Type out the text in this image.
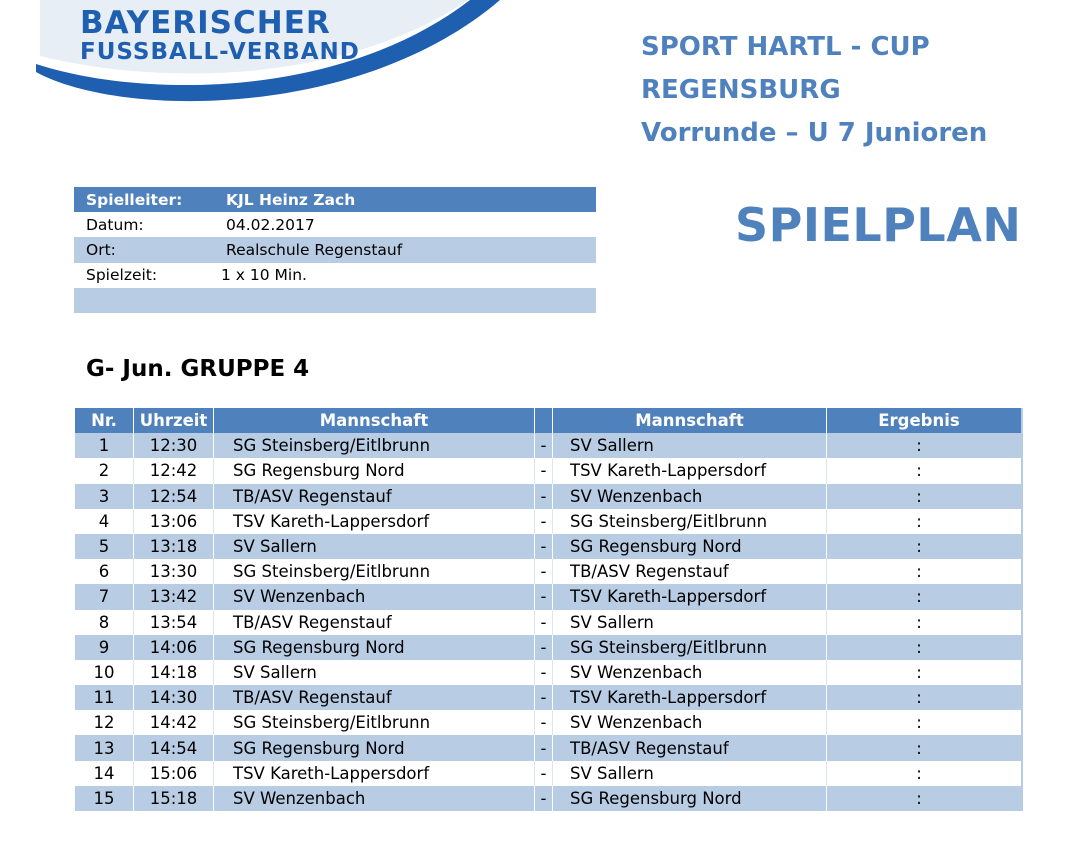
BAYERISCHER
FUSSBALL-VERBAND	SPORT HARTL - CUP
REGENSBURG
Vorrunde – U 7 Junioren
SPIELPLAN
Spielleiter:	KJL Heinz Zach
Datum:	04.02.2017
Ort:	Realschule Regenstauf
Spielzeit:	1 x 10 Min.
G- Jun. GRUPPE 4
Nr.	Uhrzeit	Mannschaft	Mannschaft	Ergebnis
1	12:30	SG Steinsberg/Eitlbrunn	-	SV Sallern	:
2	12:42	SG Regensburg Nord	-	TSV Kareth-Lappersdorf	:
3	12:54	TB/ASV Regenstauf	-	SV Wenzenbach	:
4	13:06	TSV Kareth-Lappersdorf	-	SG Steinsberg/Eitlbrunn	:
5	13:18	SV Sallern	-	SG Regensburg Nord	:
6	13:30	SG Steinsberg/Eitlbrunn	-	TB/ASV Regenstauf	:
7	13:42	SV Wenzenbach	-	TSV Kareth-Lappersdorf	:
8	13:54	TB/ASV Regenstauf	-	SV Sallern	:
9	14:06	SG Regensburg Nord	-	SG Steinsberg/Eitlbrunn	:
10	14:18	SV Sallern	-	SV Wenzenbach	:
11	14:30	TB/ASV Regenstauf	-	TSV Kareth-Lappersdorf	:
12	14:42	SG Steinsberg/Eitlbrunn	-	SV Wenzenbach	:
13	14:54	SG Regensburg Nord	-	TB/ASV Regenstauf	:
14	15:06	TSV Kareth-Lappersdorf	-	SV Sallern	:
15	15:18	SV Wenzenbach	-	SG Regensburg Nord	:
